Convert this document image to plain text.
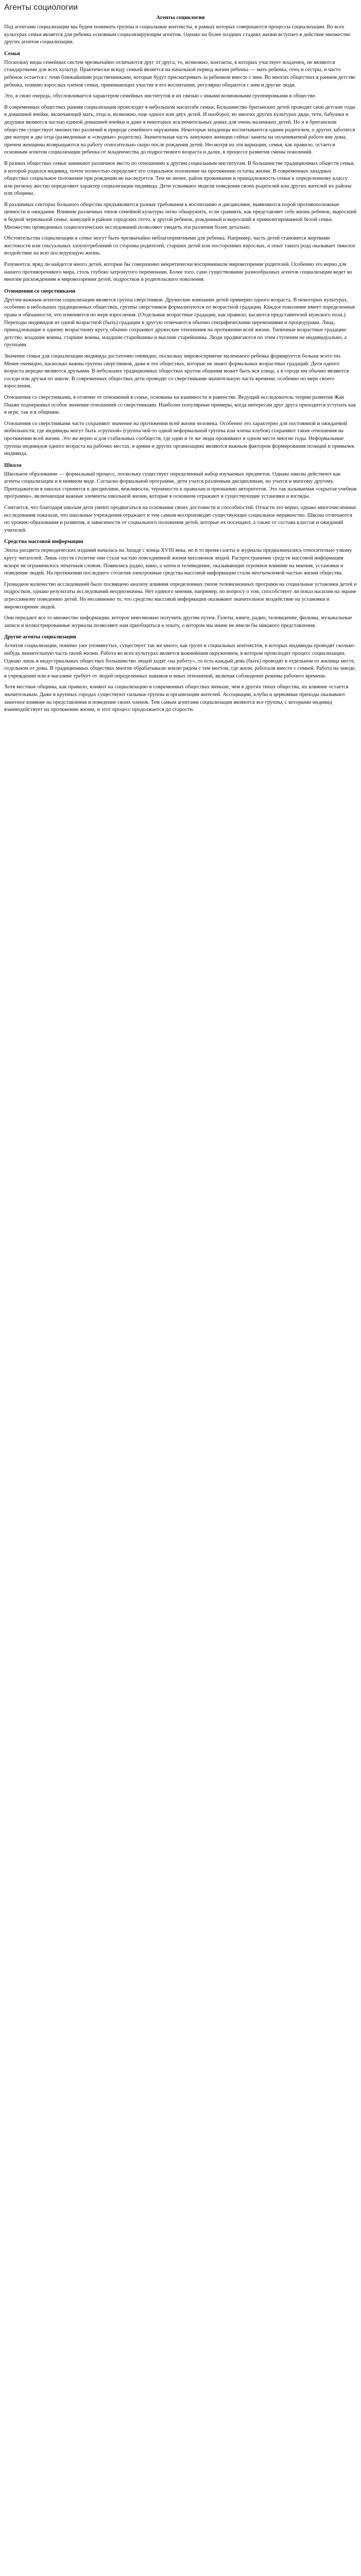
Агенты социологии
Агенты социологии

Под агентами социализации мы будем понимать группы и социальные контексты, в рамках которых совершаются процессы социализации. Во всех культурах семья является для ребенка основным социализирующим агентом. Однако на более поздних стадиях жизни вступает в действие множество других агентов социализации.

Семья

Поскольку виды семейных систем чрезвычайно отличаются друг от друга, то, возможно, контакты, в которых участвует младенец, не являются стандартными для всех культур. Практически всюду семьей является на начальной период жизни ребенка — мать ребенка, отец и сестры, и часто ребенок остается с теми ближайшими родственниками, которые будут присматривать за ребенком вместе с ним. Во многих обществах в раннем детстве ребенка, помимо взрослых членов семьи, принимающих участие в его воспитании, регулярно общаются с ним и другие люди.

Это, в свою очередь, обусловливается характером семейных институтов и их связью с иными возможными группировками в обществе.

В современных обществах ранняя социализация происходит в небольшом масштабе семьи. Большинство британских детей проводят свои детские годы в домашней ячейке, включающей мать, отца и, возможно, еще одного или двух детей. И наоборот, во многих других культурах дяди, тети, бабушки и дедушки являются частью единой домашней ячейки и даже в некоторых исключительных домах для очень маленьких детей. Но и в британском обществе существует множество различий в природе семейного окружения. Некоторые младенцы воспитываются одним родителем, о других заботятся две матери и два отца (разведенные и «сводные» родители). Значительная часть замужних женщин сейчас заняты на оплачиваемой работе вне дома, причем женщины возвращаются на работу относительно скоро после рождения детей. Несмотря на эти вариации, семья, как правило, остается основным агентом социализации ребенка от младенчества до подросткового возраста и далее, в процессе развития смены поколений.

В разных обществах семьи занимают различное место по отношению к другим социальным институтам. В большинстве традиционных обществ семья, в которой родился индивид, почти полностью определяет его социальное положение на протяжении остатка жизни. В современных западных обществах социальное положение при рождении не наследуется. Тем не менее, район проживания и принадлежность семьи к определенному классу или региону жестко определяют характер социализации индивида. Дети усваивают модели поведения своих родителей или других жителей их района или общины.

В различных секторах большого общества предъявляются разные требования к воспитанию и дисциплине, выявляются порой противоположные ценности и ожидания. Влияние различных типов семейной культуры легко обнаружить, если сравнить, как представляет себе жизнь ребенок, выросший в бедной черномазой семье, живущей в районе городских гетто, и другой ребенок, рожденный и выросший в привилегированной белой семье. Множество проведенных социологических исследований позволяют увидеть эти различия более детально.

Обстоятельства социализации в семье могут быть чрезвычайно неблагоприятными для ребенка. Например, часть детей становятся жертвами жестокости или сексуальных злоупотреблений со стороны родителей, старших детей или посторонних взрослых, и опыт такого рода оказывает тяжелое воздействие на всю последующую жизнь.

Разумеется, вряд ли найдется много детей, которые бы совершенно некритически воспринимали мировоззрение родителей. Особенно это верно для нашего противоречивого мира, столь глубоко затронутого переменами. Более того, само существование разнообразных агентов социализации ведет ко многим расхождениям в мировоззрении детей, подростков и родительского поколения.

Отношения со сверстниками

Другим важным агентом социализации является группа сверстников. Дружеские компании детей примерно одного возраста. В некоторых культурах, особенно в небольших традиционных обществах, группы сверстников формализуются по возрастной градации. Каждое поколение имеет определенные права и обязанности, что изменяется по мере взросления. (Отдельные возрастные градации, как правило, касаются представителей мужского пола.) Переходы индивидов из одной возрастной (быть) градации в другую отмечаются обычно специфическими церемониями и процедурами. Лица, принадлежащие к одному возрастному кругу, обычно сохраняют дружеские отношения на протяжении всей жизни. Типичные возрастные градации: детство, младшие воины, старшие воины, младшие старейшины и высшие старейшины. Люди продвигаются по этим ступеням не индивидуально, а группами.

Значение семьи для социализации индивида достаточно очевидно, поскольку мировосприятие маленького ребенка формируется больше всего ею. Менее очевидно, насколько важны группы сверстников, даже в тех обществах, которые не знают формальных возрастных градаций. Дети одного возраста нередко являются друзьями. В небольших традиционных обществах кругом общения может быть вся улица, а в городе им обычно являются соседи или друзья по школе. В современных обществах дети проводят со сверстниками значительную часть времени, особенно по мере своего взросления.

Отношения со сверстниками, в отличие от отношений в семье, основаны на взаимности и равенстве. Ведущий исследователь теории развития Жан Пиаже подчеркивал особое значение отношений со сверстниками. Наиболее популярные примеры, когда интересам друг друга приходится уступать как в игре, так и в общении.

Отношения со сверстниками часто сохраняют значение на протяжении всей жизни человека. Особенно это характерно для постоянной и ожидаемой мобильности, где индивиды могут быть «группой» (группа чей-то одной неформальной группы или члены клубов) сохраняют такие отношения на протяжении всей жизни. Это же верно и для стабильных сообществ, где одни и те же люди проживают в одном месте многие годы. Неформальные группы индивидов одного возраста на рабочих местах, в армии и других организациях являются важным фактором формирования позиций и привычек индивида.

Школа

Школьное образование — формальный процесс, поскольку существует определенный набор изучаемых предметов. Однако школы действуют как агенты социализации и в неявном виде. Согласно формальной программе, дети учатся различным дисциплинам, но учатся и многому другому. Преподаватели в школах стремятся к дисциплине, вежливости, терпимости к правилам и признанию авторитетов. Это так называемая «скрытая учебная программа», включающая важные элементы школьной жизни, которые в основном отражают в существующие установки и взгляды.

Считается, что благодаря школам дети умеют продвигаться на основании своих достоинств и способностей. Отчасти это верно, однако многочисленные исследования показали, что школьные учреждения отражают и тем самым воспроизводят существующее социальное неравенство. Школы отличаются по уровню образования и развития, в зависимости от социального положения детей, которые их посещают, а также от состава классов и ожиданий учителей.

Средства массовой информации

Эпоха расцвета периодических изданий началась на Западе с конца XVIII века, но в то время газеты и журналы предназначались относительно узкому кругу читателей. Лишь спустя столетие они стали частью повседневной жизни миллионов людей. Распространение средств массовой информации вскоре не ограничилось печатным словом. Появились радио, кино, а затем и телевидение, оказывающие огромное влияние на мнения, установки и поведение людей. На протяжении последнего столетия электронные средства массовой информации стали неотъемлемой частью жизни общества.

Громадное количество исследований было посвящено анализу влияния определенных типов телевизионных программ на социальные установки детей и подростков, однако результаты исследований неоднозначны. Нет единого мнения, например, по вопросу о том, способствует ли показ насилия на экране агрессивному поведению детей. Но несомненно то, что средства массовой информации оказывают значительное воздействие на установки и мировоззрение людей.

Они передают все то множество информации, которое невозможно получить другим путем. Газеты, книги, радио, телевидение, фильмы, музыкальные записи и иллюстрированные журналы позволяют нам приобщиться к опыту, о котором мы иначе не имели бы никакого представления.

Другие агенты социализации

Агентов социализации, помимо уже упомянутых, существует так же много, как групп и социальных контекстов, в которых индивиды проводят сколько-нибудь значительную часть своей жизни. Работа во всех культурах является важнейшим окружением, в котором происходит процесс социализации. Однако лишь в индустриальных обществах большинство людей ходят «на работу», то есть каждый день (быть) проводят в отдельном от жилища месте, отдельном от дома. В традиционных обществах многие обрабатывали землю рядом с тем местом, где жили, работали вместе с семьей. Работа на заводе, в учреждении или в магазине требует от людей определенных навыков и иных отношений, включая соблюдение режима рабочего времени.

Хотя местные общины, как правило, влияют на социализацию в современных обществах меньше, чем в других типах общества, их влияние остается значительным. Даже в крупных городах существуют сильные группы и организации жителей. Ассоциации, клубы и церковные приходы оказывают заметное влияние на представления и поведение своих членов. Тем самым агентами социализации являются все группы, с которыми индивид взаимодействует на протяжении жизни, и этот процесс продолжается до старости.
